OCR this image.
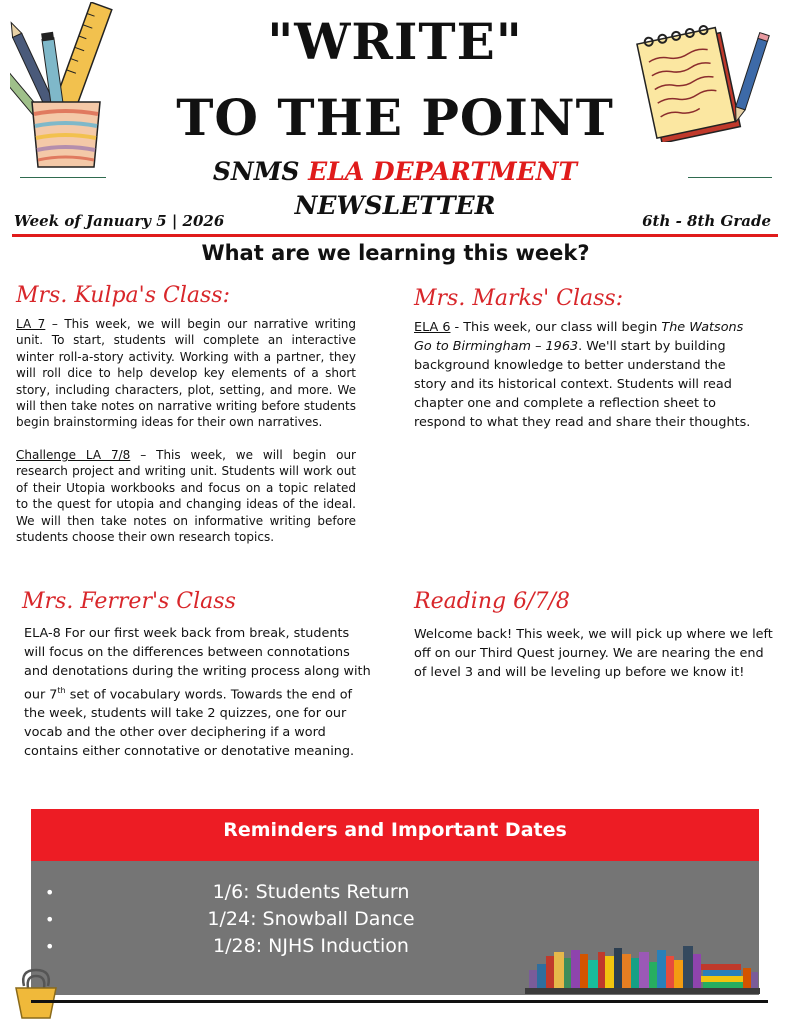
"WRITE"
TO THE POINT
SNMS ELA DEPARTMENT NEWSLETTER
Week of January 5 | 2026	6th - 8th Grade
What are we learning this week?
Mrs. Kulpa's Class:
LA 7 – This week, we will begin our narrative writing unit. To start, students will complete an interactive winter roll-a-story activity. Working with a partner, they will roll dice to help develop key elements of a short story, including characters, plot, setting, and more. We will then take notes on narrative writing before students begin brainstorming ideas for their own narratives.
Challenge LA 7/8 – This week, we will begin our research project and writing unit. Students will work out of their Utopia workbooks and focus on a topic related to the quest for utopia and changing ideas of the ideal. We will then take notes on informative writing before students choose their own research topics.
Mrs. Marks' Class:
ELA 6 - This week, our class will begin The Watsons Go to Birmingham – 1963. We'll start by building background knowledge to better understand the story and its historical context. Students will read chapter one and complete a reflection sheet to respond to what they read and share their thoughts.
Mrs. Ferrer's Class
ELA-8 For our first week back from break, students will focus on the differences between connotations and denotations during the writing process along with our 7th set of vocabulary words. Towards the end of the week, students will take 2 quizzes, one for our vocab and the other over deciphering if a word contains either connotative or denotative meaning.
Reading 6/7/8
Welcome back! This week, we will pick up where we left off on our Third Quest journey. We are nearing the end of level 3 and will be leveling up before we know it!
Reminders and Important Dates
•	1/6: Students Return
•	1/24: Snowball Dance
•	1/28: NJHS Induction
